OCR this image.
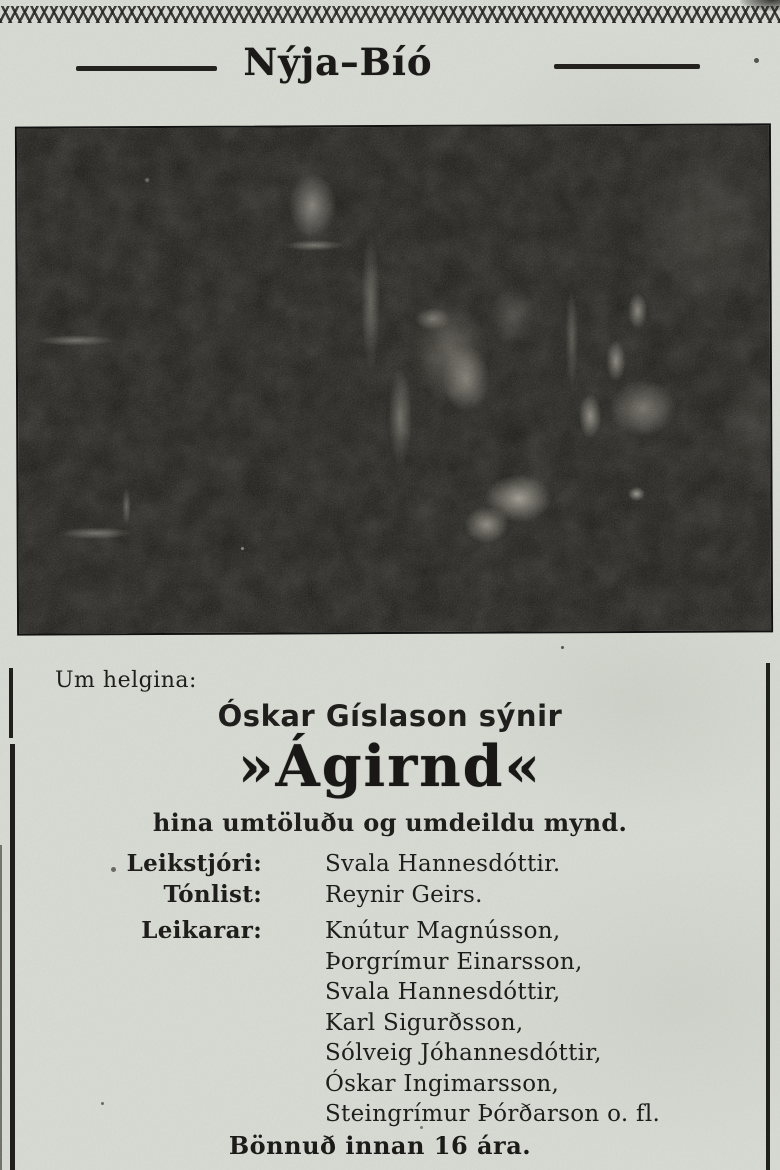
Nýja–Bíó
Um helgina:
Óskar Gíslason sýnir
»Ágirnd«
hina umtöluðu og umdeildu mynd.
Leikstjóri:	Svala Hannesdóttir.
Tónlist:	Reynir Geirs.
Leikarar:	Knútur Magnússon,
Þorgrímur Einarsson,
Svala Hannesdóttir,
Karl Sigurðsson,
Sólveig Jóhannesdóttir,
Óskar Ingimarsson,
Steingrímur Þórðarson o. fl.
Bönnuð innan 16 ára.
